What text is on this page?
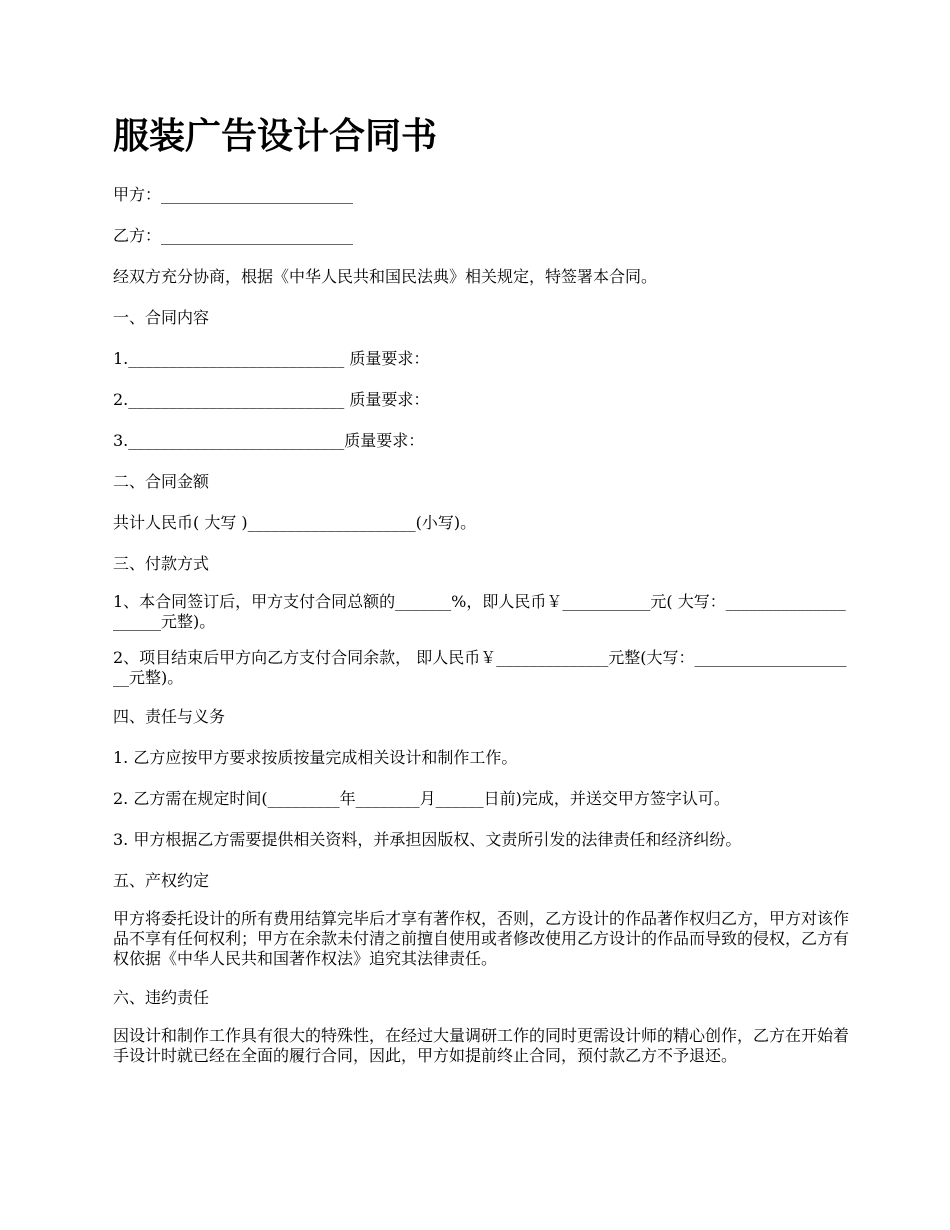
服装广告设计合同书

甲方：________________________

乙方：________________________

经双方充分协商，根据《中华人民共和国民法典》相关规定，特签署本合同。

一、合同内容

1.___________________________ 质量要求：

2.___________________________ 质量要求：

3.___________________________质量要求：

二、合同金额

共计人民币( 大写 )_____________________(小写)。

三、付款方式

1、本合同签订后，甲方支付合同总额的_______%，即人民币￥___________元( 大写：_____________________元整)。

2、项目结束后甲方向乙方支付合同余款， 即人民币￥______________元整(大写：_____________________元整)。

四、责任与义务

1. 乙方应按甲方要求按质按量完成相关设计和制作工作。

2. 乙方需在规定时间(_________年________月______日前)完成，并送交甲方签字认可。

3. 甲方根据乙方需要提供相关资料，并承担因版权、文责所引发的法律责任和经济纠纷。

五、产权约定

甲方将委托设计的所有费用结算完毕后才享有著作权，否则，乙方设计的作品著作权归乙方，甲方对该作品不享有任何权利；甲方在余款未付清之前擅自使用或者修改使用乙方设计的作品而导致的侵权，乙方有权依据《中华人民共和国著作权法》追究其法律责任。

六、违约责任

因设计和制作工作具有很大的特殊性，在经过大量调研工作的同时更需设计师的精心创作，乙方在开始着手设计时就已经在全面的履行合同，因此，甲方如提前终止合同，预付款乙方不予退还。
